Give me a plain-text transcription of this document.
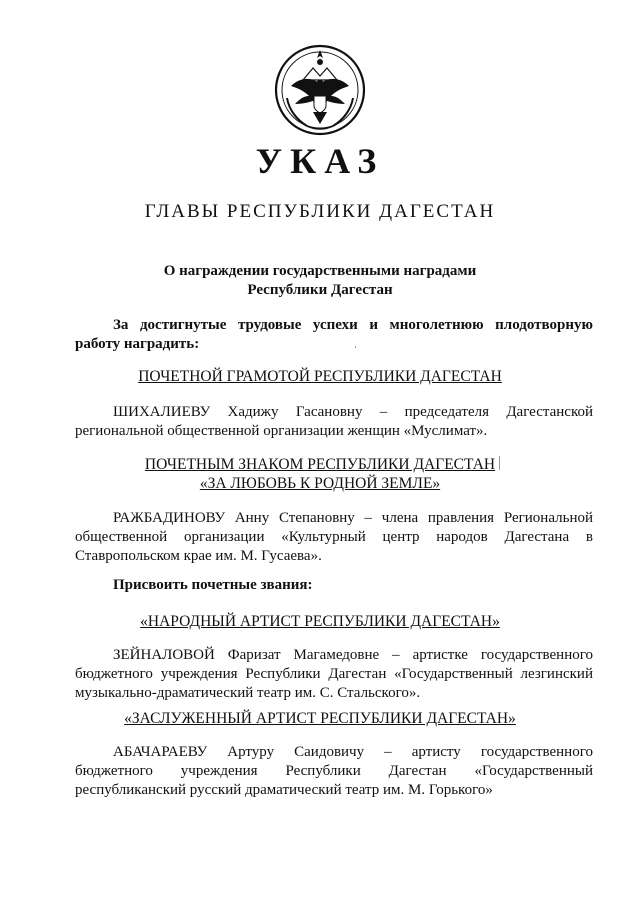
УКАЗ
ГЛАВЫ РЕСПУБЛИКИ ДАГЕСТАН
О награждении государственными наградами
Республики Дагестан
За достигнутые трудовые успехи и многолетнюю плодотворную
работу наградить:
ПОЧЕТНОЙ ГРАМОТОЙ РЕСПУБЛИКИ ДАГЕСТАН
ШИХАЛИЕВУ Хадижу Гасановну – председателя Дагестанской
региональной общественной организации женщин «Муслимат».
ПОЧЕТНЫМ ЗНАКОМ РЕСПУБЛИКИ ДАГЕСТАН
«ЗА ЛЮБОВЬ К РОДНОЙ ЗЕМЛЕ»
РАЖБАДИНОВУ Анну Степановну – члена правления Региональной
общественной организации «Культурный центр народов Дагестана в
Ставропольском крае им. М. Гусаева».
Присвоить почетные звания:
«НАРОДНЫЙ АРТИСТ РЕСПУБЛИКИ ДАГЕСТАН»
ЗЕЙНАЛОВОЙ Фаризат Магамедовне – артистке государственного
бюджетного учреждения Республики Дагестан «Государственный лезгинский
музыкально-драматический театр им. С. Стальского».
«ЗАСЛУЖЕННЫЙ АРТИСТ РЕСПУБЛИКИ ДАГЕСТАН»
АБАЧАРАЕВУ Артуру Саидовичу – артисту государственного
бюджетного учреждения Республики Дагестан «Государственный
республиканский русский драматический театр им. М. Горького»
